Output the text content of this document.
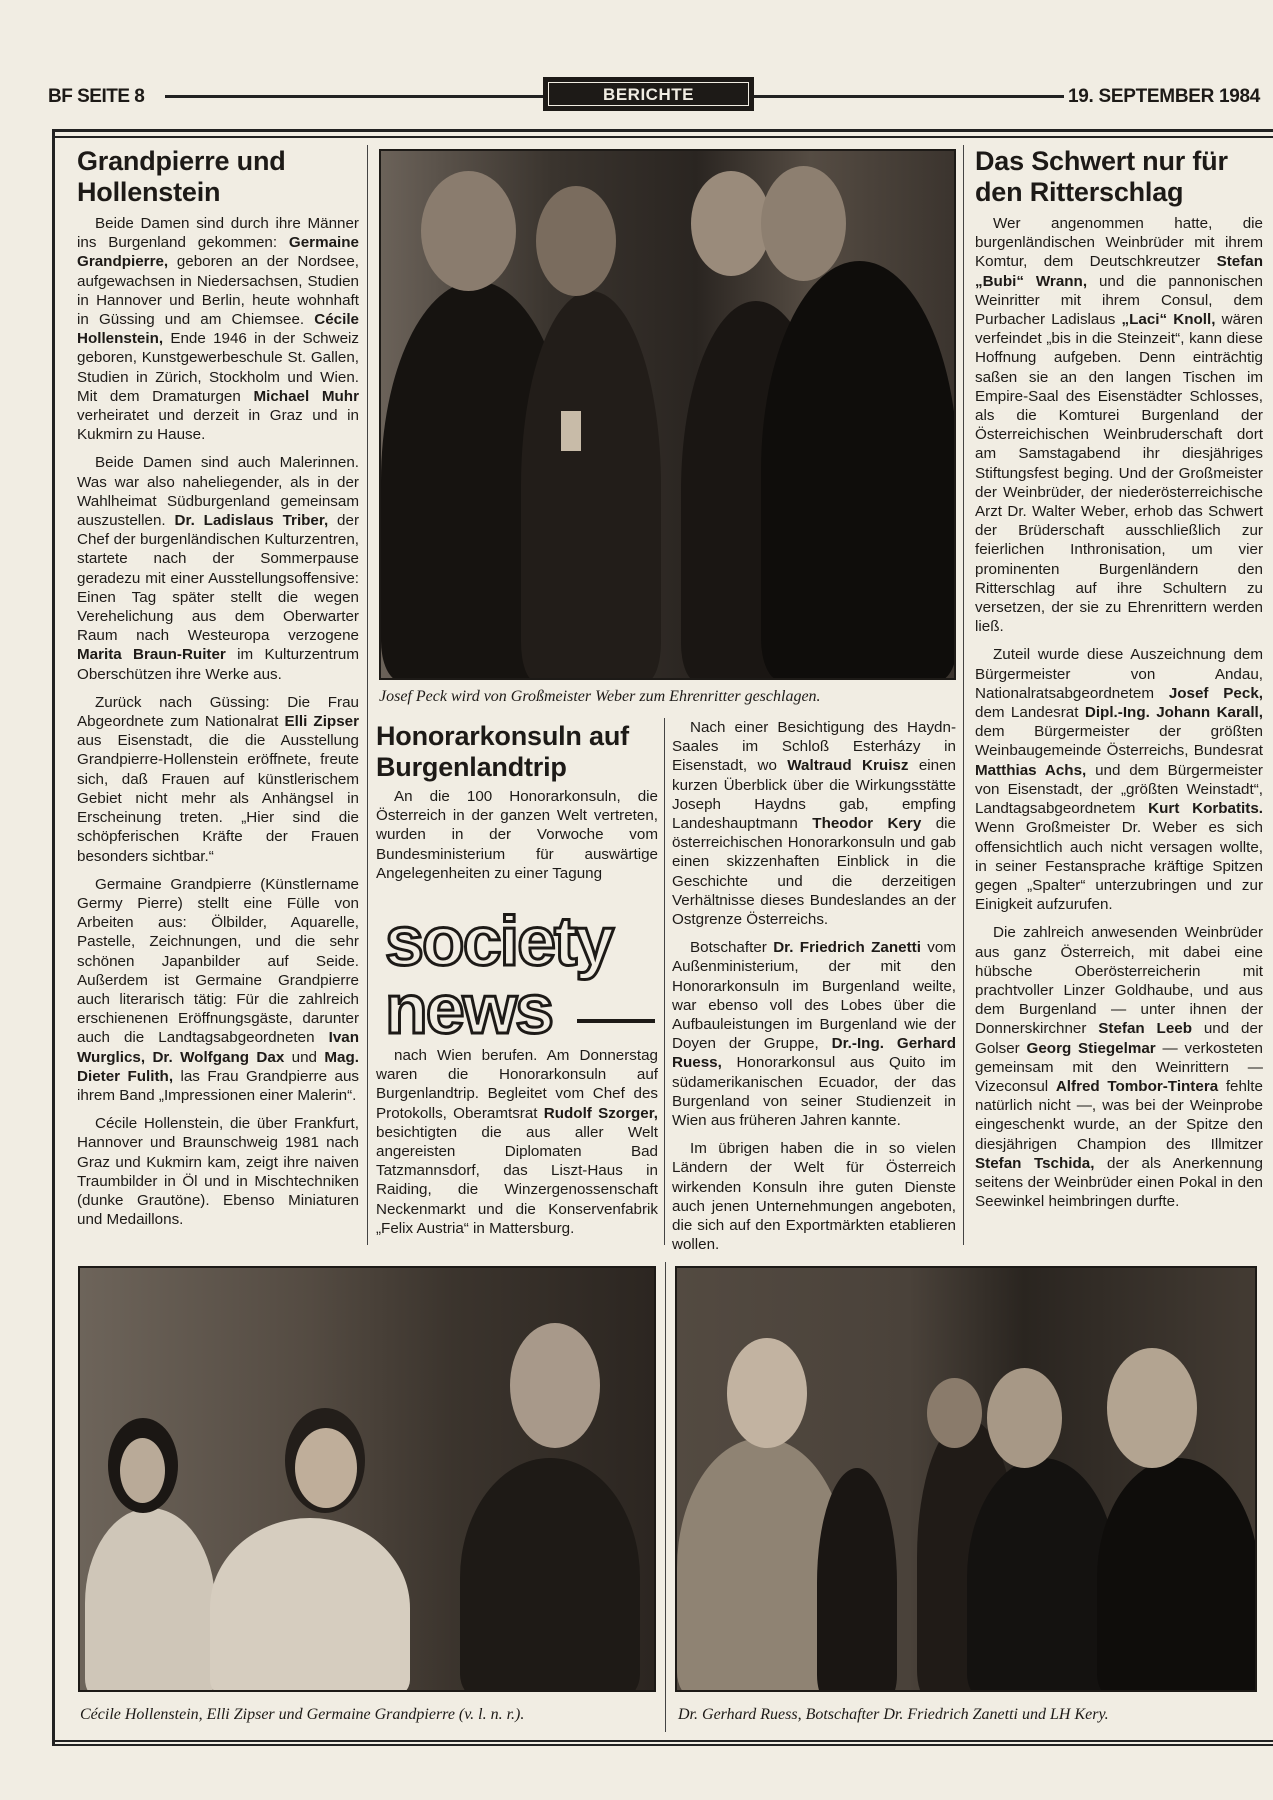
BF SEITE 8	BERICHTE	19. SEPTEMBER 1984
Grandpierre und Hollenstein

Beide Damen sind durch ihre Männer ins Burgenland gekommen: Germaine Grandpierre, geboren an der Nordsee, aufgewachsen in Niedersachsen, Studien in Hannover und Berlin, heute wohnhaft in Güssing und am Chiemsee. Cécile Hollenstein, Ende 1946 in der Schweiz geboren, Kunstgewerbeschule St. Gallen, Studien in Zürich, Stockholm und Wien. Mit dem Dramaturgen Michael Muhr verheiratet und derzeit in Graz und in Kukmirn zu Hause.

Beide Damen sind auch Malerinnen. Was war also naheliegender, als in der Wahlheimat Südburgenland gemeinsam auszustellen. Dr. Ladislaus Triber, der Chef der burgenländischen Kulturzentren, startete nach der Sommerpause geradezu mit einer Ausstellungsoffensive: Einen Tag später stellt die wegen Verehelichung aus dem Oberwarter Raum nach Westeuropa verzogene Marita Braun-Ruiter im Kulturzentrum Oberschützen ihre Werke aus.

Zurück nach Güssing: Die Frau Abgeordnete zum Nationalrat Elli Zipser aus Eisenstadt, die die Ausstellung Grandpierre-Hollenstein eröffnete, freute sich, daß Frauen auf künstlerischem Gebiet nicht mehr als Anhängsel in Erscheinung treten. „Hier sind die schöpferischen Kräfte der Frauen besonders sichtbar.“

Germaine Grandpierre (Künstlername Germy Pierre) stellt eine Fülle von Arbeiten aus: Ölbilder, Aquarelle, Pastelle, Zeichnungen, und die sehr schönen Japanbilder auf Seide. Außerdem ist Germaine Grandpierre auch literarisch tätig: Für die zahlreich erschienenen Eröffnungsgäste, darunter auch die Landtagsabgeordneten Ivan Wurglics, Dr. Wolfgang Dax und Mag. Dieter Fulith, las Frau Grandpierre aus ihrem Band „Impressionen einer Malerin“.

Cécile Hollenstein, die über Frankfurt, Hannover und Braunschweig 1981 nach Graz und Kukmirn kam, zeigt ihre naiven Traumbilder in Öl und in Mischtechniken (dunke Grautöne). Ebenso Miniaturen und Medaillons.

Josef Peck wird von Großmeister Weber zum Ehrenritter geschlagen.
Honorarkonsuln auf Burgenlandtrip

An die 100 Honorarkonsuln, die Österreich in der ganzen Welt vertreten, wurden in der Vorwoche vom Bundesministerium für auswärtige Angelegenheiten zu einer Tagung

society
news

nach Wien berufen. Am Donnerstag waren die Honorarkonsuln auf Burgenlandtrip. Begleitet vom Chef des Protokolls, Oberamtsrat Rudolf Szorger, besichtigten die aus aller Welt angereisten Diplomaten Bad Tatzmannsdorf, das Liszt-Haus in Raiding, die Winzergenossenschaft Neckenmarkt und die Konservenfabrik „Felix Austria“ in Mattersburg.

Nach einer Besichtigung des Haydn-Saales im Schloß Esterházy in Eisenstadt, wo Waltraud Kruisz einen kurzen Überblick über die Wirkungsstätte Joseph Haydns gab, empfing Landeshauptmann Theodor Kery die österreichischen Honorarkonsuln und gab einen skizzenhaften Einblick in die Geschichte und die derzeitigen Verhältnisse dieses Bundeslandes an der Ostgrenze Österreichs.

Botschafter Dr. Friedrich Zanetti vom Außenministerium, der mit den Honorarkonsuln im Burgenland weilte, war ebenso voll des Lobes über die Aufbauleistungen im Burgenland wie der Doyen der Gruppe, Dr.-Ing. Gerhard Ruess, Honorarkonsul aus Quito im südamerikanischen Ecuador, der das Burgenland von seiner Studienzeit in Wien aus früheren Jahren kannte.

Im übrigen haben die in so vielen Ländern der Welt für Österreich wirkenden Konsuln ihre guten Dienste auch jenen Unternehmungen angeboten, die sich auf den Exportmärkten etablieren wollen.

Das Schwert nur für den Ritterschlag

Wer angenommen hatte, die burgenländischen Weinbrüder mit ihrem Komtur, dem Deutschkreutzer Stefan „Bubi“ Wrann, und die pannonischen Weinritter mit ihrem Consul, dem Purbacher Ladislaus „Laci“ Knoll, wären verfeindet „bis in die Steinzeit“, kann diese Hoffnung aufgeben. Denn einträchtig saßen sie an den langen Tischen im Empire-Saal des Eisenstädter Schlosses, als die Komturei Burgenland der Österreichischen Weinbruderschaft dort am Samstagabend ihr diesjähriges Stiftungsfest beging. Und der Großmeister der Weinbrüder, der niederösterreichische Arzt Dr. Walter Weber, erhob das Schwert der Brüderschaft ausschließlich zur feierlichen Inthronisation, um vier prominenten Burgenländern den Ritterschlag auf ihre Schultern zu versetzen, der sie zu Ehrenrittern werden ließ.

Zuteil wurde diese Auszeichnung dem Bürgermeister von Andau, Nationalratsabgeordnetem Josef Peck, dem Landesrat Dipl.-Ing. Johann Karall, dem Bürgermeister der größten Weinbaugemeinde Österreichs, Bundesrat Matthias Achs, und dem Bürgermeister von Eisenstadt, der „größten Weinstadt“, Landtagsabgeordnetem Kurt Korbatits. Wenn Großmeister Dr. Weber es sich offensichtlich auch nicht versagen wollte, in seiner Festansprache kräftige Spitzen gegen „Spalter“ unterzubringen und zur Einigkeit aufzurufen.

Die zahlreich anwesenden Weinbrüder aus ganz Österreich, mit dabei eine hübsche Oberösterreicherin mit prachtvoller Linzer Goldhaube, und aus dem Burgenland — unter ihnen der Donnerskirchner Stefan Leeb und der Golser Georg Stiegelmar — verkosteten gemeinsam mit den Weinrittern — Vizeconsul Alfred Tombor-Tintera fehlte natürlich nicht —, was bei der Weinprobe eingeschenkt wurde, an der Spitze den diesjährigen Champion des Illmitzer Stefan Tschida, der als Anerkennung seitens der Weinbrüder einen Pokal in den Seewinkel heimbringen durfte.

Cécile Hollenstein, Elli Zipser und Germaine Grandpierre (v. l. n. r.).	Dr. Gerhard Ruess, Botschafter Dr. Friedrich Zanetti und LH Kery.
